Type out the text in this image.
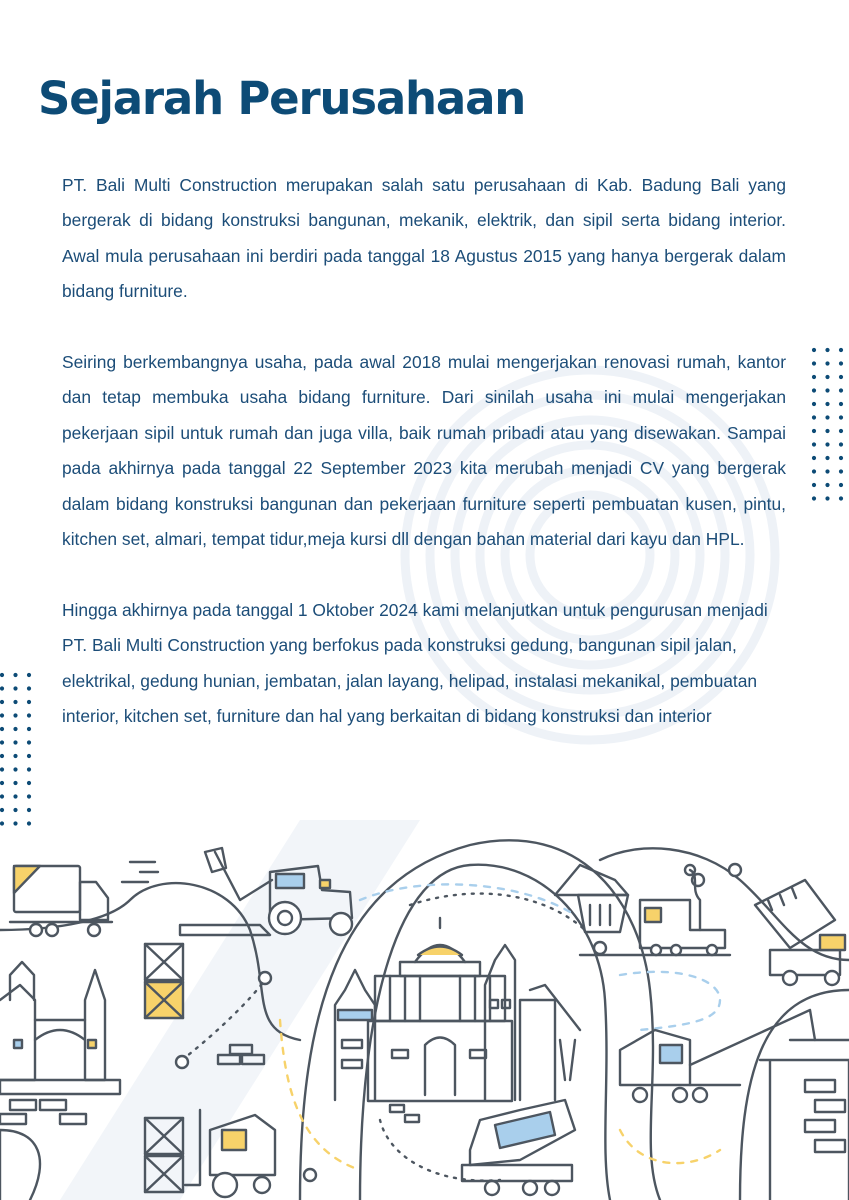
Sejarah Perusahaan

PT. Bali Multi Construction merupakan salah satu perusahaan di Kab. Badung Bali yang bergerak di bidang konstruksi bangunan, mekanik, elektrik, dan sipil serta bidang interior. Awal mula perusahaan ini berdiri pada tanggal 18 Agustus 2015 yang hanya bergerak dalam bidang furniture.

Seiring berkembangnya usaha, pada awal 2018 mulai mengerjakan renovasi rumah, kantor dan tetap membuka usaha bidang furniture. Dari sinilah usaha ini mulai mengerjakan pekerjaan sipil untuk rumah dan juga villa, baik rumah pribadi atau yang disewakan. Sampai pada akhirnya pada tanggal 22 September 2023 kita merubah menjadi CV yang bergerak dalam bidang konstruksi bangunan dan pekerjaan furniture seperti pembuatan kusen, pintu, kitchen set, almari, tempat tidur,meja kursi dll dengan bahan material dari kayu dan HPL.

Hingga akhirnya pada tanggal 1 Oktober 2024 kami melanjutkan untuk pengurusan menjadi PT. Bali Multi Construction yang berfokus pada konstruksi gedung, bangunan sipil jalan, elektrikal, gedung hunian, jembatan, jalan layang, helipad, instalasi mekanikal, pembuatan interior, kitchen set, furniture dan hal yang berkaitan di bidang konstruksi dan interior
